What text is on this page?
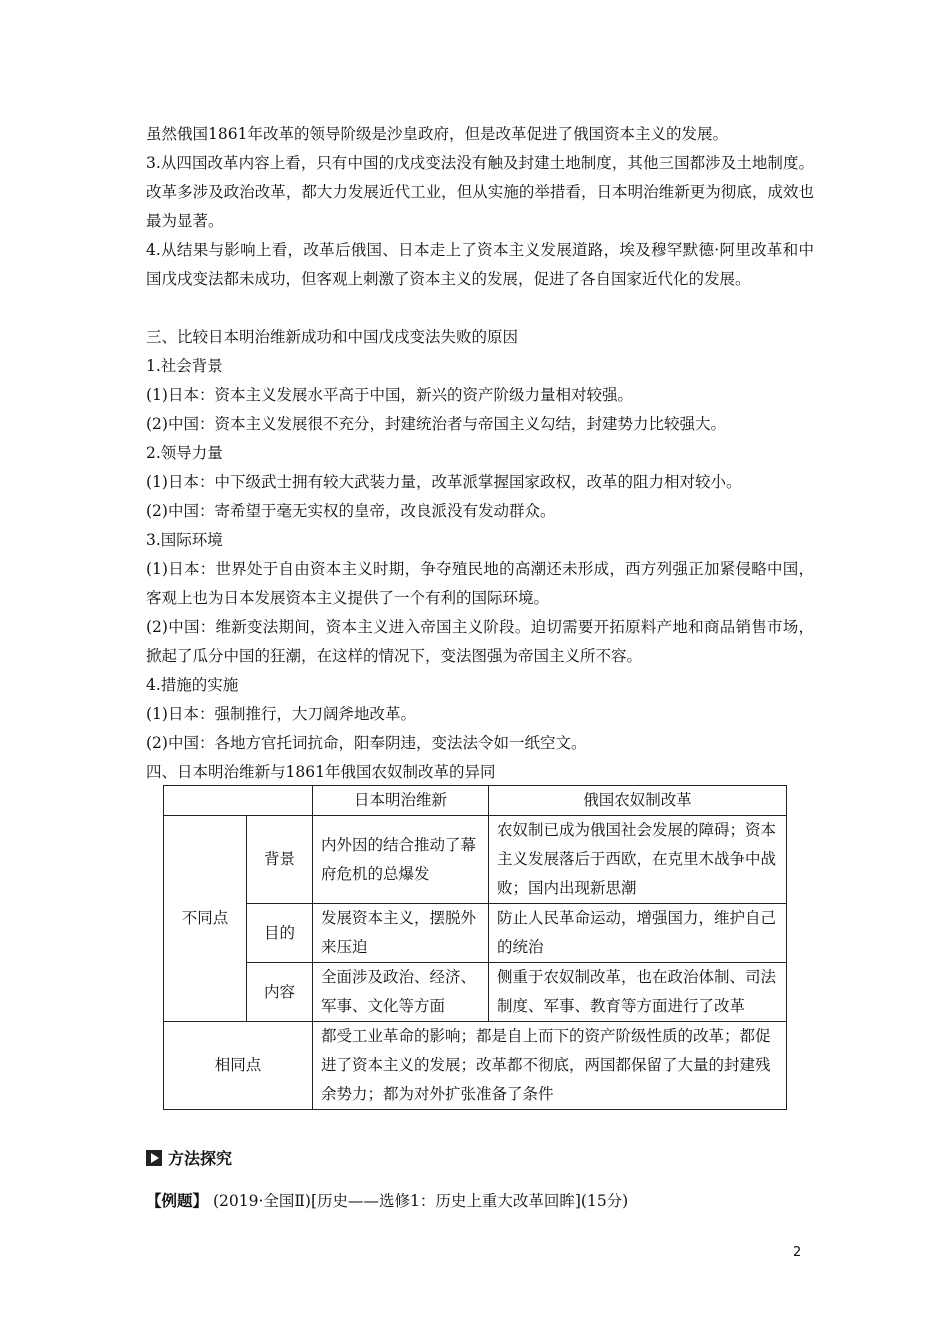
虽然俄国1861年改革的领导阶级是沙皇政府，但是改革促进了俄国资本主义的发展。
3.从四国改革内容上看，只有中国的戊戌变法没有触及封建土地制度，其他三国都涉及土地制度。改革多涉及政治改革，都大力发展近代工业，但从实施的举措看，日本明治维新更为彻底，成效也最为显著。
4.从结果与影响上看，改革后俄国、日本走上了资本主义发展道路，埃及穆罕默德·阿里改革和中国戊戌变法都未成功，但客观上刺激了资本主义的发展，促进了各自国家近代化的发展。
三、比较日本明治维新成功和中国戊戌变法失败的原因
1.社会背景
(1)日本：资本主义发展水平高于中国，新兴的资产阶级力量相对较强。
(2)中国：资本主义发展很不充分，封建统治者与帝国主义勾结，封建势力比较强大。
2.领导力量
(1)日本：中下级武士拥有较大武装力量，改革派掌握国家政权，改革的阻力相对较小。
(2)中国：寄希望于毫无实权的皇帝，改良派没有发动群众。
3.国际环境
(1)日本：世界处于自由资本主义时期，争夺殖民地的高潮还未形成，西方列强正加紧侵略中国，客观上也为日本发展资本主义提供了一个有利的国际环境。
(2)中国：维新变法期间，资本主义进入帝国主义阶段。迫切需要开拓原料产地和商品销售市场，掀起了瓜分中国的狂潮，在这样的情况下，变法图强为帝国主义所不容。
4.措施的实施
(1)日本：强制推行，大刀阔斧地改革。
(2)中国：各地方官托词抗命，阳奉阴违，变法法令如一纸空文。
四、日本明治维新与1861年俄国农奴制改革的异同
		日本明治维新	俄国农奴制改革
不同点	背景	内外因的结合推动了幕府危机的总爆发	农奴制已成为俄国社会发展的障碍；资本主义发展落后于西欧，在克里木战争中战败；国内出现新思潮
	目的	发展资本主义，摆脱外来压迫	防止人民革命运动，增强国力，维护自己的统治
	内容	全面涉及政治、经济、军事、文化等方面	侧重于农奴制改革，也在政治体制、司法制度、军事、教育等方面进行了改革
相同点		都受工业革命的影响；都是自上而下的资产阶级性质的改革；都促进了资本主义的发展；改革都不彻底，两国都保留了大量的封建残余势力；都为对外扩张准备了条件	
方法探究
【例题】 (2019·全国Ⅱ)[历史——选修1：历史上重大改革回眸](15分)
2
